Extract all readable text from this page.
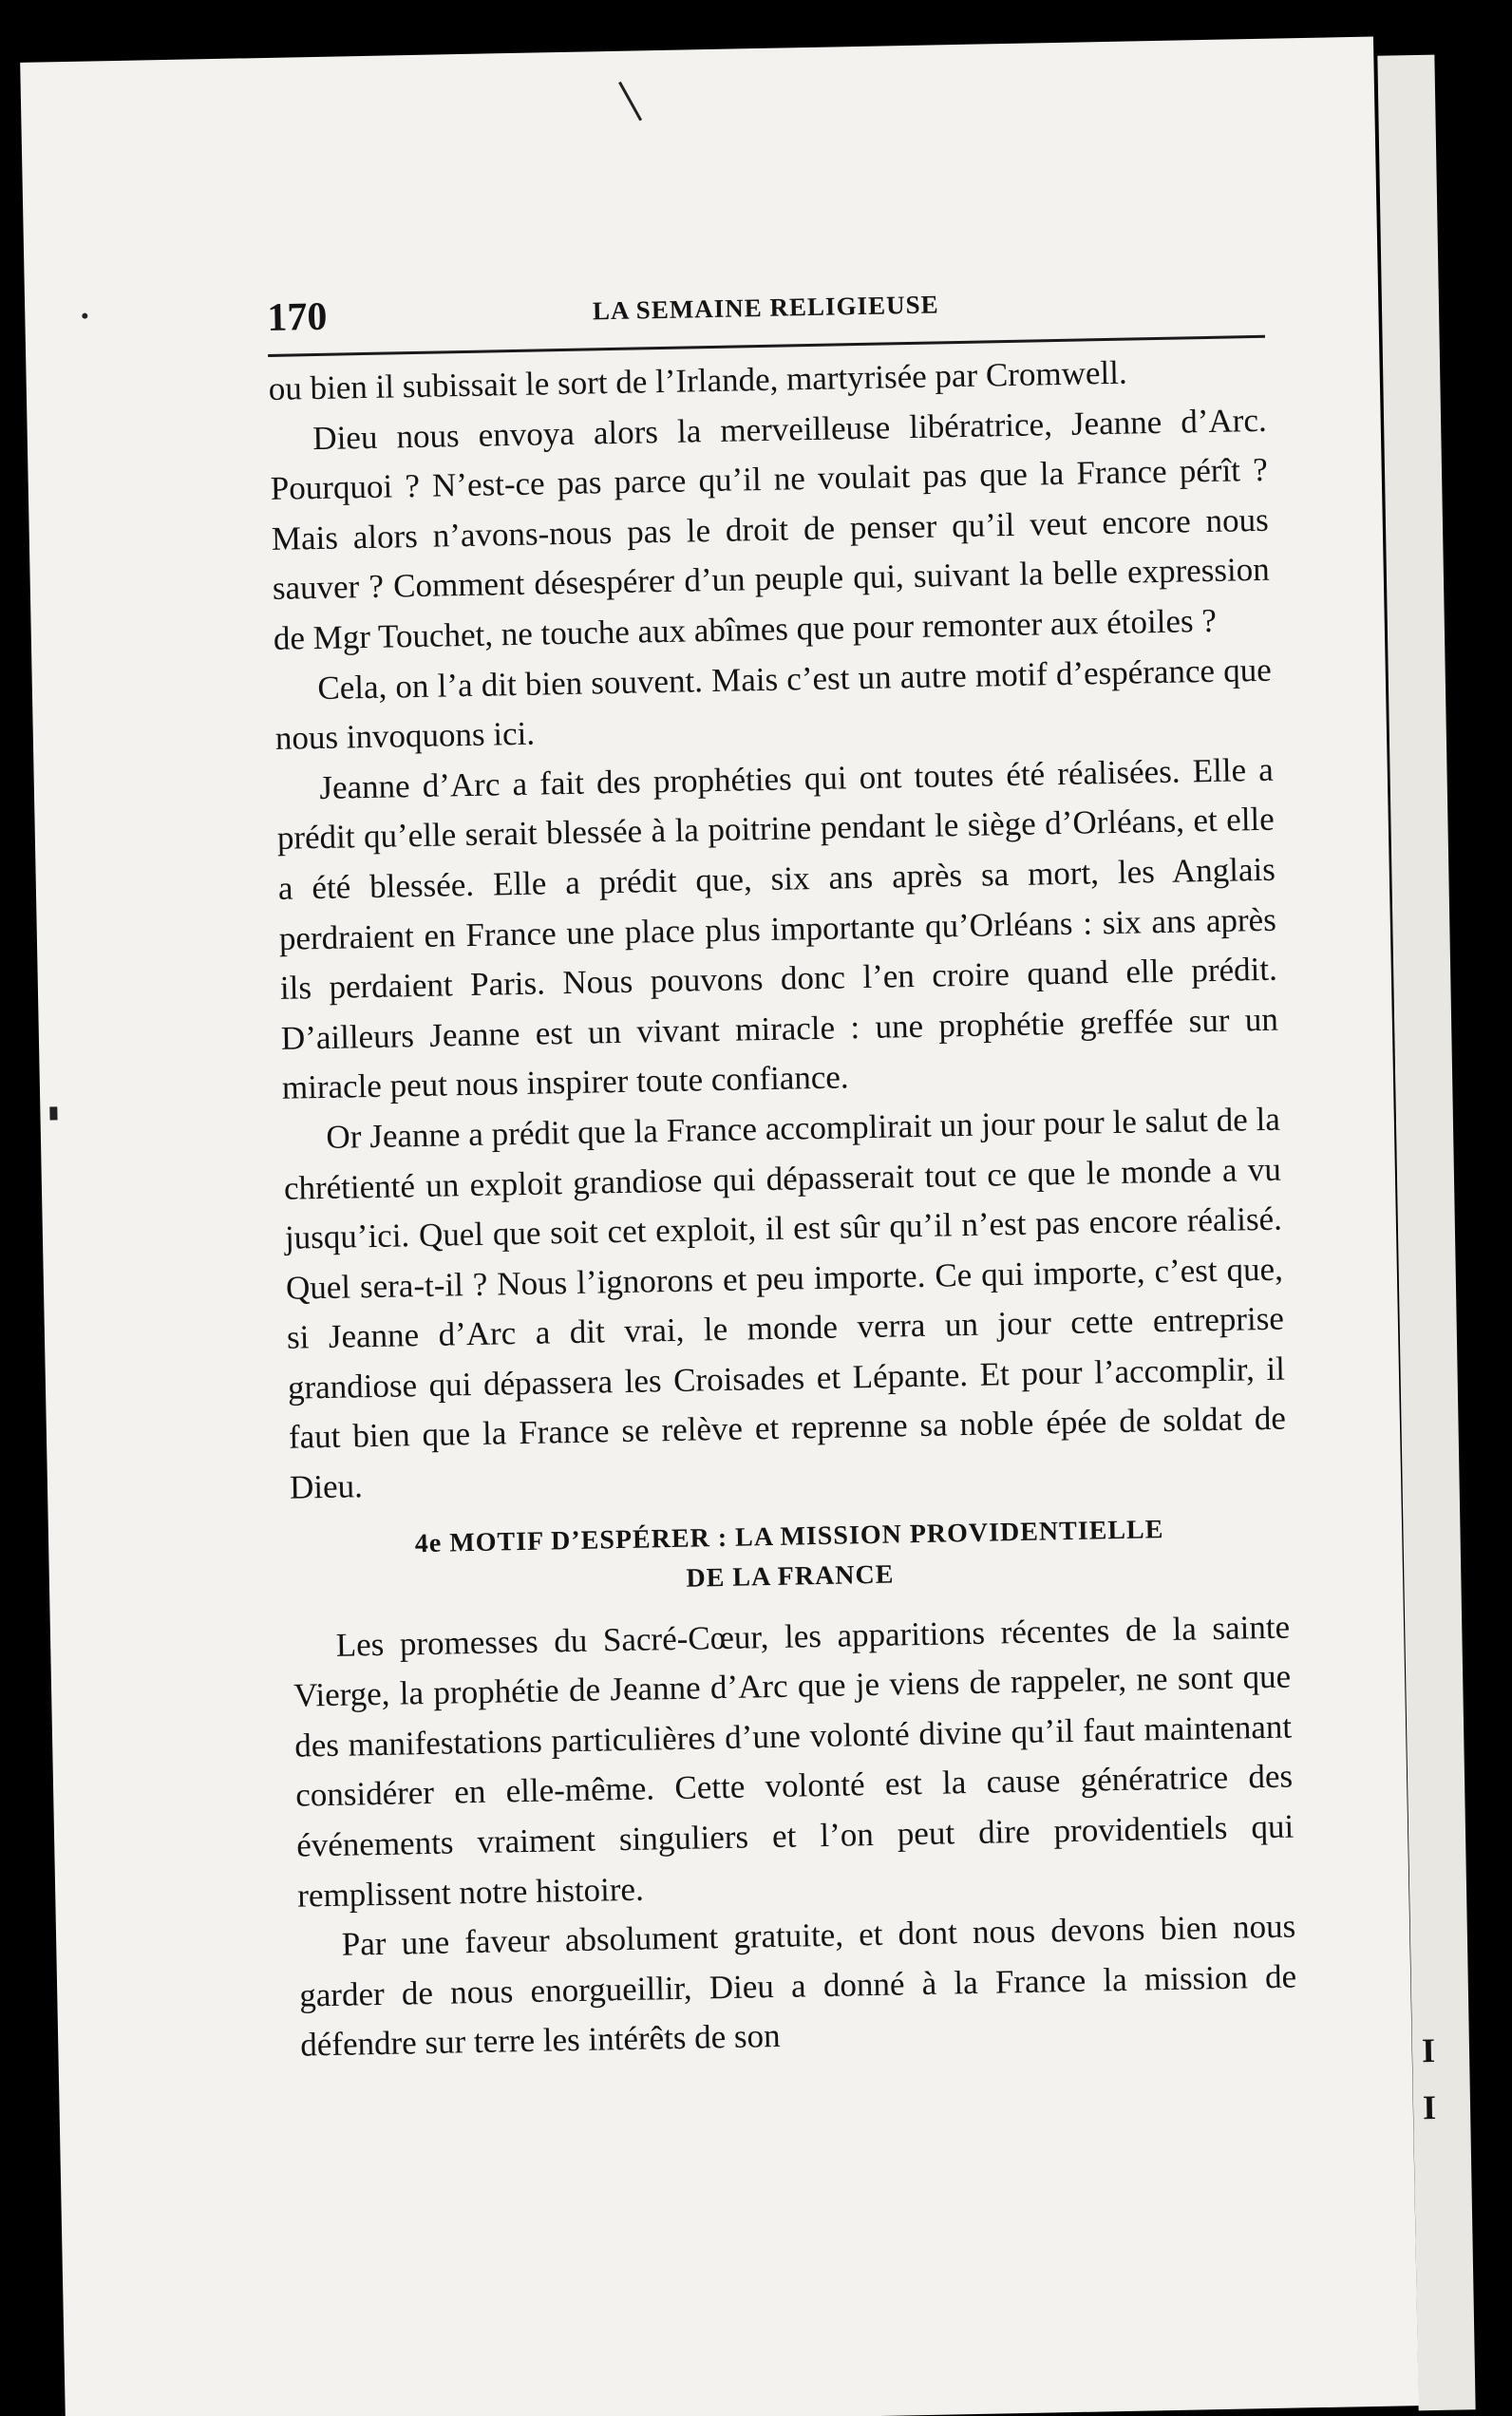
I
I
170	LA SEMAINE RELIGIEUSE

ou bien il subissait le sort de l’Irlande, martyrisée par Cromwell.

Dieu nous envoya alors la merveilleuse libératrice, Jeanne d’Arc. Pourquoi ? N’est-ce pas parce qu’il ne voulait pas que la France pérît ? Mais alors n’avons-nous pas le droit de penser qu’il veut encore nous sauver ? Comment désespérer d’un peuple qui, suivant la belle expression de Mgr Touchet, ne touche aux abîmes que pour remonter aux étoiles ?

Cela, on l’a dit bien souvent. Mais c’est un autre motif d’espérance que nous invoquons ici.

Jeanne d’Arc a fait des prophéties qui ont toutes été réalisées. Elle a prédit qu’elle serait blessée à la poitrine pendant le siège d’Orléans, et elle a été blessée. Elle a prédit que, six ans après sa mort, les Anglais perdraient en France une place plus importante qu’Orléans : six ans après ils perdaient Paris. Nous pouvons donc l’en croire quand elle prédit. D’ailleurs Jeanne est un vivant miracle : une prophétie greffée sur un miracle peut nous inspirer toute confiance.

Or Jeanne a prédit que la France accomplirait un jour pour le salut de la chrétienté un exploit grandiose qui dépasserait tout ce que le monde a vu jusqu’ici. Quel que soit cet exploit, il est sûr qu’il n’est pas encore réalisé. Quel sera-t-il ? Nous l’ignorons et peu importe. Ce qui importe, c’est que, si Jeanne d’Arc a dit vrai, le monde verra un jour cette entreprise grandiose qui dépassera les Croisades et Lépante. Et pour l’accomplir, il faut bien que la France se relève et reprenne sa noble épée de soldat de Dieu.

4e MOTIF D’ESPÉRER : LA MISSION PROVIDENTIELLE
DE LA FRANCE

Les promesses du Sacré-Cœur, les apparitions récentes de la sainte Vierge, la prophétie de Jeanne d’Arc que je viens de rappeler, ne sont que des manifestations particulières d’une volonté divine qu’il faut maintenant considérer en elle-même. Cette volonté est la cause génératrice des événements vraiment singuliers et l’on peut dire providentiels qui remplissent notre histoire.

Par une faveur absolument gratuite, et dont nous devons bien nous garder de nous enorgueillir, Dieu a donné à la France la mission de défendre sur terre les intérêts de son
